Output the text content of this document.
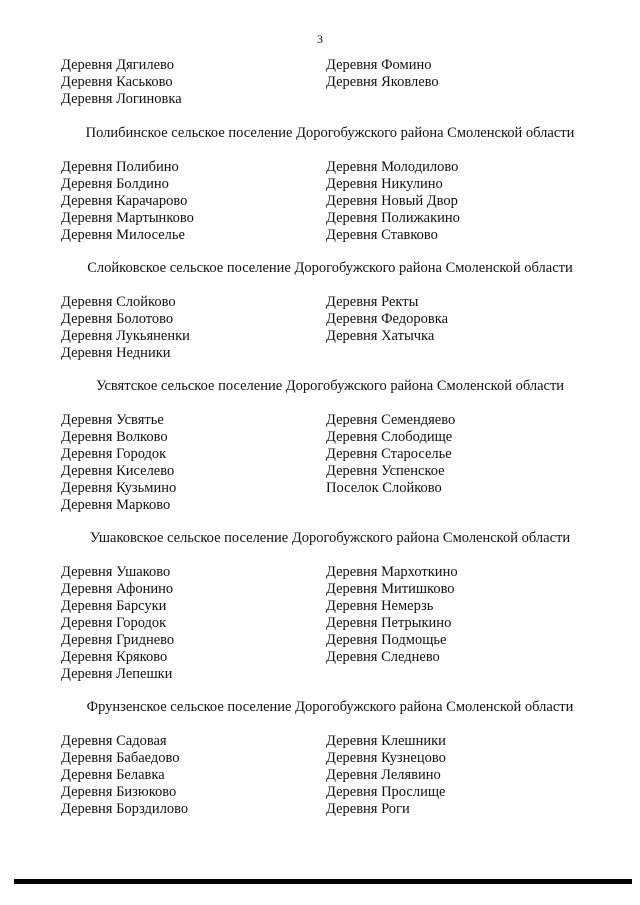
3
Деревня Дягилево
Деревня Каськово
Деревня Логиновка
Деревня Фомино
Деревня Яковлево
Полибинское сельское поселение Дорогобужского района Смоленской области
Деревня Полибино
Деревня Болдино
Деревня Карачарово
Деревня Мартынково
Деревня Милоселье
Деревня Молодилово
Деревня Никулино
Деревня Новый Двор
Деревня Полижакино
Деревня Ставково
Слойковское сельское поселение Дорогобужского района Смоленской области
Деревня Слойково
Деревня Болотово
Деревня Лукьяненки
Деревня Недники
Деревня Ректы
Деревня Федоровка
Деревня Хатычка
Усвятское сельское поселение Дорогобужского района Смоленской области
Деревня Усвятье
Деревня Волково
Деревня Городок
Деревня Киселево
Деревня Кузьмино
Деревня Марково
Деревня Семендяево
Деревня Слободище
Деревня Староселье
Деревня Успенское
Поселок Слойково
Ушаковское сельское поселение Дорогобужского района Смоленской области
Деревня Ушаково
Деревня Афонино
Деревня Барсуки
Деревня Городок
Деревня Гриднево
Деревня Кряково
Деревня Лепешки
Деревня Мархоткино
Деревня Митишково
Деревня Немерзь
Деревня Петрыкино
Деревня Подмощье
Деревня Следнево
Фрунзенское сельское поселение Дорогобужского района Смоленской области
Деревня Садовая
Деревня Бабаедово
Деревня Белавка
Деревня Бизюково
Деревня Борздилово
Деревня Клешники
Деревня Кузнецово
Деревня Лелявино
Деревня Прослище
Деревня Роги
